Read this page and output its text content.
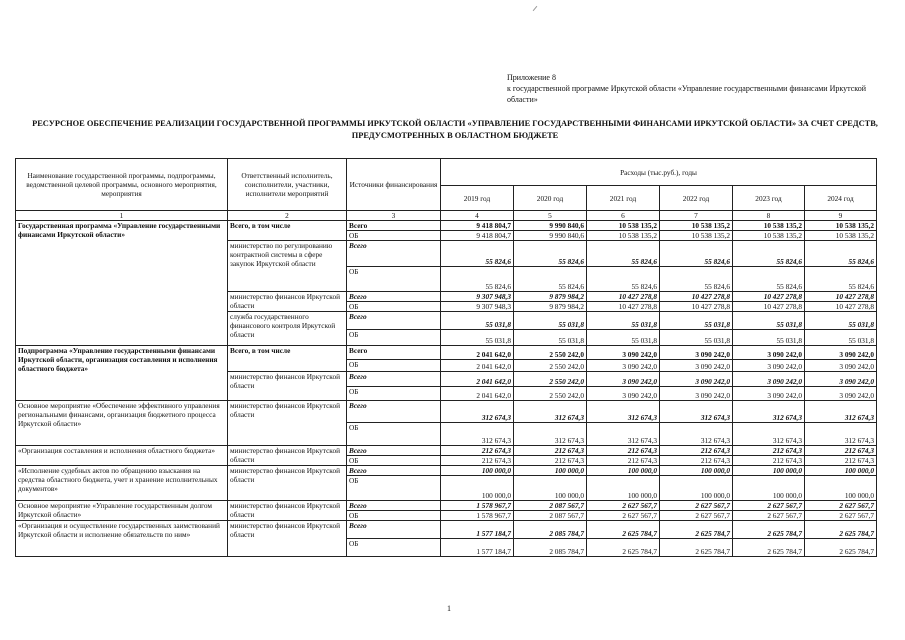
Приложение 8
к государственной программе Иркутской области «Управление государственными финансами Иркутской области»
РЕСУРСНОЕ ОБЕСПЕЧЕНИЕ РЕАЛИЗАЦИИ ГОСУДАРСТВЕННОЙ ПРОГРАММЫ ИРКУТСКОЙ ОБЛАСТИ «УПРАВЛЕНИЕ ГОСУДАРСТВЕННЫМИ ФИНАНСАМИ ИРКУТСКОЙ ОБЛАСТИ» ЗА СЧЕТ СРЕДСТВ, ПРЕДУСМОТРЕННЫХ В ОБЛАСТНОМ БЮДЖЕТЕ
Наименование государственной программы, подпрограммы, ведомственной целевой программы, основного мероприятия, мероприятия	Ответственный исполнитель, соисполнители, участники, исполнители мероприятий	Источники финансирования	Расходы (тыс.руб.), годы					
			2019 год	2020 год	2021 год	2022 год	2023 год	2024 год
1	2	3	4	5	6	7	8	9
Государственная программа «Управление государственными финансами Иркутской области»	Всего, в том числе	Всего	9 418 804,7	9 990 840,6	10 538 135,2	10 538 135,2	10 538 135,2	10 538 135,2
		ОБ	9 418 804,7	9 990 840,6	10 538 135,2	10 538 135,2	10 538 135,2	10 538 135,2
	министерство по регулированию контрактной системы в сфере закупок Иркутской области	Всего	55 824,6	55 824,6	55 824,6	55 824,6	55 824,6	55 824,6
		ОБ	55 824,6	55 824,6	55 824,6	55 824,6	55 824,6	55 824,6
	министерство финансов Иркутской области	Всего	9 307 948,3	9 879 984,2	10 427 278,8	10 427 278,8	10 427 278,8	10 427 278,8
		ОБ	9 307 948,3	9 879 984,2	10 427 278,8	10 427 278,8	10 427 278,8	10 427 278,8
	служба государственного финансового контроля Иркутской области	Всего	55 031,8	55 031,8	55 031,8	55 031,8	55 031,8	55 031,8
		ОБ	55 031,8	55 031,8	55 031,8	55 031,8	55 031,8	55 031,8
Подпрограмма «Управление государственными финансами Иркутской области, организация составления и исполнения областного бюджета»	Всего, в том числе	Всего	2 041 642,0	2 550 242,0	3 090 242,0	3 090 242,0	3 090 242,0	3 090 242,0
		ОБ	2 041 642,0	2 550 242,0	3 090 242,0	3 090 242,0	3 090 242,0	3 090 242,0
	министерство финансов Иркутской области	Всего	2 041 642,0	2 550 242,0	3 090 242,0	3 090 242,0	3 090 242,0	3 090 242,0
		ОБ	2 041 642,0	2 550 242,0	3 090 242,0	3 090 242,0	3 090 242,0	3 090 242,0
Основное мероприятие «Обеспечение эффективного управления региональными финансами, организация бюджетного процесса Иркутской области»	министерство финансов Иркутской области	Всего	312 674,3	312 674,3	312 674,3	312 674,3	312 674,3	312 674,3
		ОБ	312 674,3	312 674,3	312 674,3	312 674,3	312 674,3	312 674,3
«Организация составления и исполнения областного бюджета»	министерство финансов Иркутской области	Всего	212 674,3	212 674,3	212 674,3	212 674,3	212 674,3	212 674,3
		ОБ	212 674,3	212 674,3	212 674,3	212 674,3	212 674,3	212 674,3
«Исполнение судебных актов по обращению взыскания на средства областного бюджета, учет и хранение исполнительных документов»	министерство финансов Иркутской области	Всего	100 000,0	100 000,0	100 000,0	100 000,0	100 000,0	100 000,0
		ОБ	100 000,0	100 000,0	100 000,0	100 000,0	100 000,0	100 000,0
Основное мероприятие «Управление государственным долгом Иркутской области»	министерство финансов Иркутской области	Всего	1 578 967,7	2 087 567,7	2 627 567,7	2 627 567,7	2 627 567,7	2 627 567,7
		ОБ	1 578 967,7	2 087 567,7	2 627 567,7	2 627 567,7	2 627 567,7	2 627 567,7
«Организация и осуществление государственных заимствований Иркутской области и исполнение обязательств по ним»	министерство финансов Иркутской области	Всего	1 577 184,7	2 085 784,7	2 625 784,7	2 625 784,7	2 625 784,7	2 625 784,7
		ОБ	1 577 184,7	2 085 784,7	2 625 784,7	2 625 784,7	2 625 784,7	2 625 784,7
1
